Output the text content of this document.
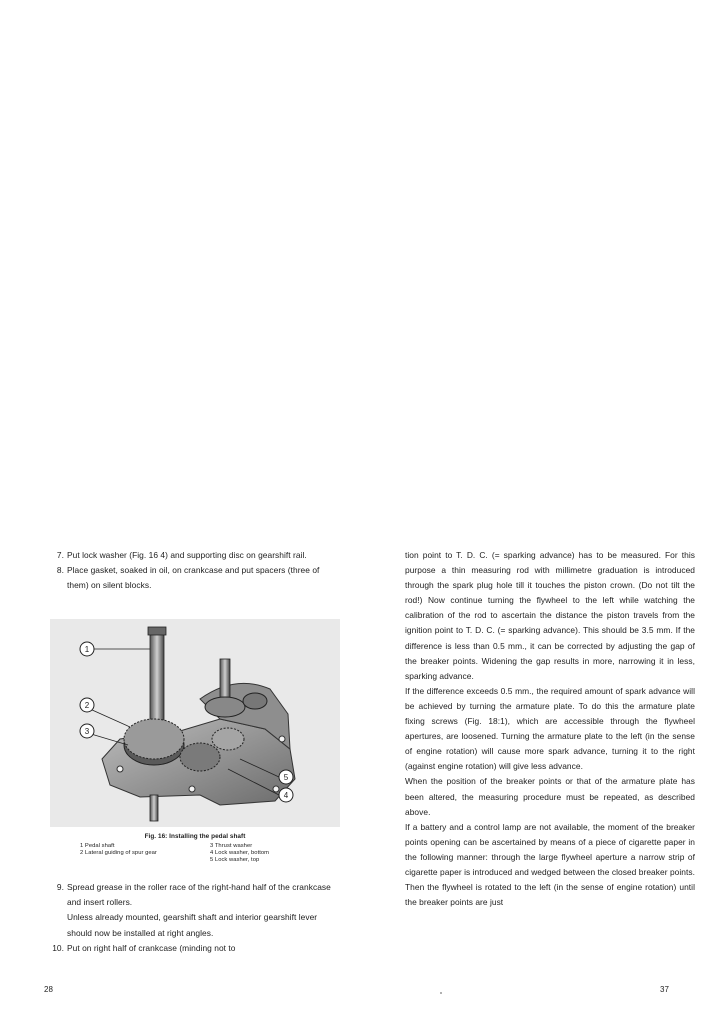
7. Put lock washer (Fig. 16 4) and supporting disc on gearshift rail.
8. Place gasket, soaked in oil, on crankcase and put spacers (three of them) on silent blocks.
1
2
3
5
4
Fig. 16: Installing the pedal shaft
1 Pedal shaft	3 Thrust washer
2 Lateral guiding of spur gear	4 Lock washer, bottom
5 Lock washer, top
9. Spread grease in the roller race of the right-hand half of the crankcase and insert rollers.
Unless already mounted, gearshift shaft and interior gearshift lever should now be installed at right angles.
10. Put on right half of crankcase (minding not to
28

tion point to T. D. C. (= sparking advance) has to be measured. For this purpose a thin measuring rod with millimetre graduation is introduced through the spark plug hole till it touches the piston crown. (Do not tilt the rod!) Now continue turning the flywheel to the left while watching the calibration of the rod to ascertain the distance the piston travels from the ignition point to T. D. C. (= sparking advance). This should be 3.5 mm. If the difference is less than 0.5 mm., it can be corrected by adjusting the gap of the breaker points. Widening the gap results in more, narrowing it in less, sparking advance.

If the difference exceeds 0.5 mm., the required amount of spark advance will be achieved by turning the armature plate. To do this the armature plate fixing screws (Fig. 18:1), which are accessible through the flywheel apertures, are loosened. Turning the armature plate to the left (in the sense of engine rotation) will cause more spark advance, turning it to the right (against engine rotation) will give less advance.

When the position of the breaker points or that of the armature plate has been altered, the measuring procedure must be repeated, as described above.

If a battery and a control lamp are not available, the moment of the breaker points opening can be ascertained by means of a piece of cigarette paper in the following manner: through the large flywheel aperture a narrow strip of cigarette paper is introduced and wedged between the closed breaker points. Then the flywheel is rotated to the left (in the sense of engine rotation) until the breaker points are just

37
